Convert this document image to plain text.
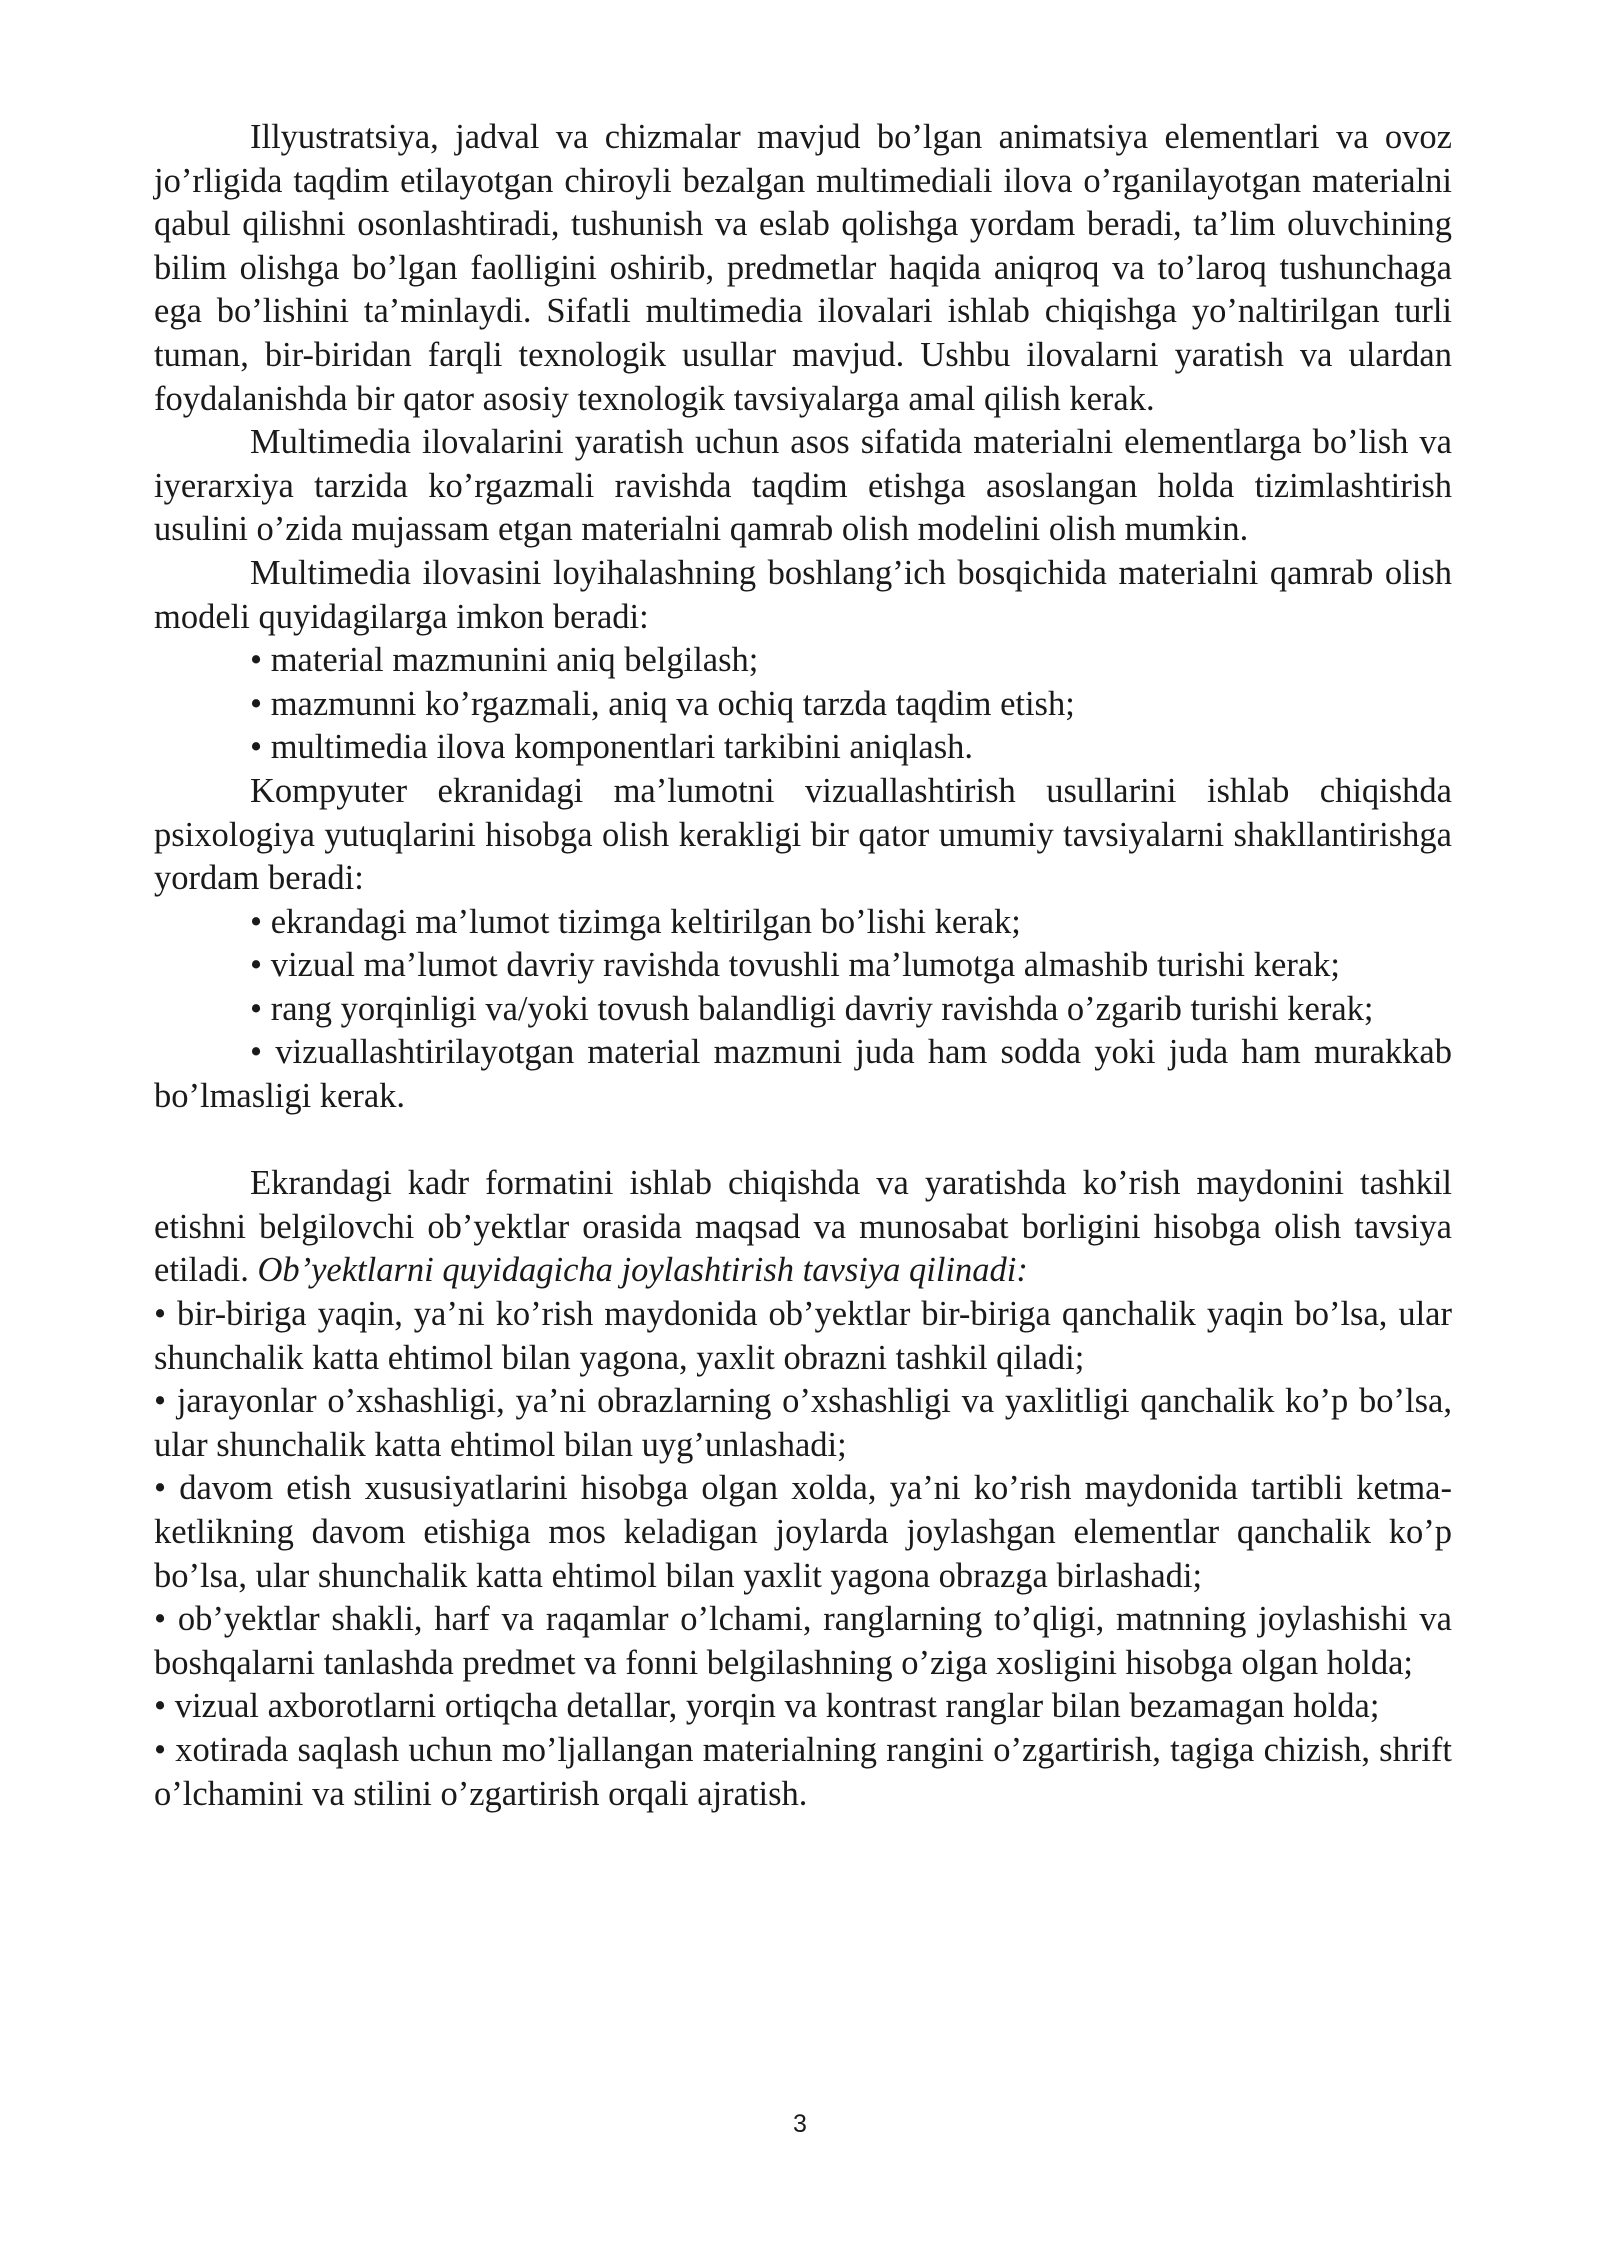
Illyustratsiya, jadval va chizmalar mavjud bo’lgan animatsiya elementlari va ovoz jo’rligida taqdim etilayotgan chiroyli bezalgan multimediali ilova o’rganilayotgan materialni qabul qilishni osonlashtiradi, tushunish va eslab qolishga yordam beradi, ta’lim oluvchining bilim olishga bo’lgan faolligini oshirib, predmetlar haqida aniqroq va to’laroq tushunchaga ega bo’lishini ta’minlaydi. Sifatli multimedia ilovalari ishlab chiqishga yo’naltirilgan turli tuman, bir-biridan farqli texnologik usullar mavjud. Ushbu ilovalarni yaratish va ulardan foydalanishda bir qator asosiy texnologik tavsiyalarga amal qilish kerak.

Multimedia ilovalarini yaratish uchun asos sifatida materialni elementlarga bo’lish va iyerarxiya tarzida ko’rgazmali ravishda taqdim etishga asoslangan holda tizimlashtirish usulini o’zida mujassam etgan materialni qamrab olish modelini olish mumkin.

Multimedia ilovasini loyihalashning boshlang’ich bosqichida materialni qamrab olish modeli quyidagilarga imkon beradi:

• material mazmunini aniq belgilash;

• mazmunni ko’rgazmali, aniq va ochiq tarzda taqdim etish;

• multimedia ilova komponentlari tarkibini aniqlash.

Kompyuter ekranidagi ma’lumotni vizuallashtirish usullarini ishlab chiqishda psixologiya yutuqlarini hisobga olish kerakligi bir qator umumiy tavsiyalarni shakllantirishga yordam beradi:

• ekrandagi ma’lumot tizimga keltirilgan bo’lishi kerak;

• vizual ma’lumot davriy ravishda tovushli ma’lumotga almashib turishi kerak;

• rang yorqinligi va/yoki tovush balandligi davriy ravishda o’zgarib turishi kerak;

• vizuallashtirilayotgan material mazmuni juda ham sodda yoki juda ham murakkab bo’lmasligi kerak.

Ekrandagi kadr formatini ishlab chiqishda va yaratishda ko’rish maydonini tashkil etishni belgilovchi ob’yektlar orasida maqsad va munosabat borligini hisobga olish tavsiya etiladi. Ob’yektlarni quyidagicha joylashtirish tavsiya qilinadi:

• bir-biriga yaqin, ya’ni ko’rish maydonida ob’yektlar bir-biriga qanchalik yaqin bo’lsa, ular shunchalik katta ehtimol bilan yagona, yaxlit obrazni tashkil qiladi;

• jarayonlar o’xshashligi, ya’ni obrazlarning o’xshashligi va yaxlitligi qanchalik ko’p bo’lsa, ular shunchalik katta ehtimol bilan uyg’unlashadi;

• davom etish xususiyatlarini hisobga olgan xolda, ya’ni ko’rish maydonida tartibli ketma-ketlikning davom etishiga mos keladigan joylarda joylashgan elementlar qanchalik ko’p bo’lsa, ular shunchalik katta ehtimol bilan yaxlit yagona obrazga birlashadi;

• ob’yektlar shakli, harf va raqamlar o’lchami, ranglarning to’qligi, matnning joylashishi va boshqalarni tanlashda predmet va fonni belgilashning o’ziga xosligini hisobga olgan holda;

• vizual axborotlarni ortiqcha detallar, yorqin va kontrast ranglar bilan bezamagan holda;

• xotirada saqlash uchun mo’ljallangan materialning rangini o’zgartirish, tagiga chizish, shrift o’lchamini va stilini o’zgartirish orqali ajratish.

3
